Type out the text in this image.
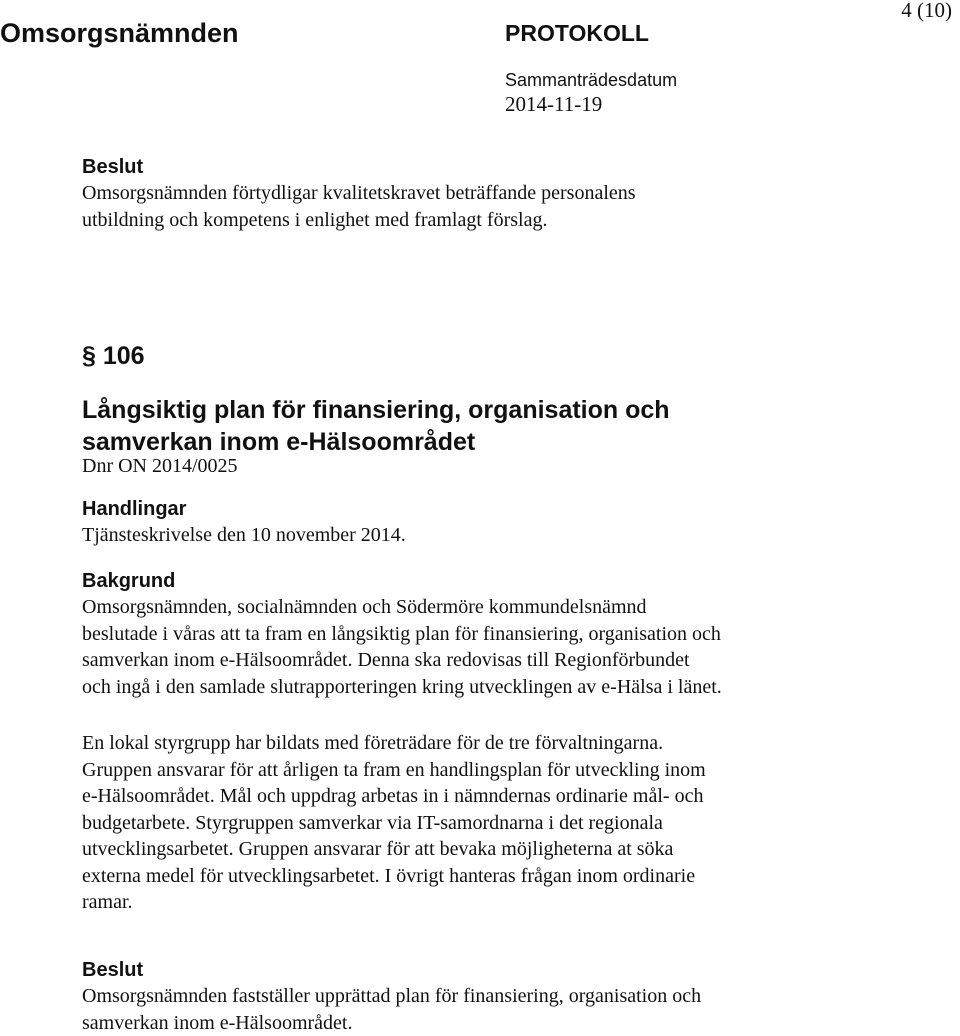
Omsorgsnämnden	PROTOKOLL
4 (10)
Sammanträdesdatum
2014-11-19
Beslut
Omsorgsnämnden förtydligar kvalitetskravet beträffande personalens
utbildning och kompetens i enlighet med framlagt förslag.
§ 106
Långsiktig plan för finansiering, organisation och
samverkan inom e-Hälsoområdet
Dnr ON 2014/0025
Handlingar
Tjänsteskrivelse den 10 november 2014.
Bakgrund
Omsorgsnämnden, socialnämnden och Södermöre kommundelsnämnd
beslutade i våras att ta fram en långsiktig plan för finansiering, organisation och
samverkan inom e-Hälsoområdet. Denna ska redovisas till Regionförbundet
och ingå i den samlade slutrapporteringen kring utvecklingen av e-Hälsa i länet.
En lokal styrgrupp har bildats med företrädare för de tre förvaltningarna.
Gruppen ansvarar för att årligen ta fram en handlingsplan för utveckling inom
e-Hälsoområdet. Mål och uppdrag arbetas in i nämndernas ordinarie mål- och
budgetarbete. Styrgruppen samverkar via IT-samordnarna i det regionala
utvecklingsarbetet. Gruppen ansvarar för att bevaka möjligheterna at söka
externa medel för utvecklingsarbetet. I övrigt hanteras frågan inom ordinarie
ramar.
Beslut
Omsorgsnämnden fastställer upprättad plan för finansiering, organisation och
samverkan inom e-Hälsoområdet.
